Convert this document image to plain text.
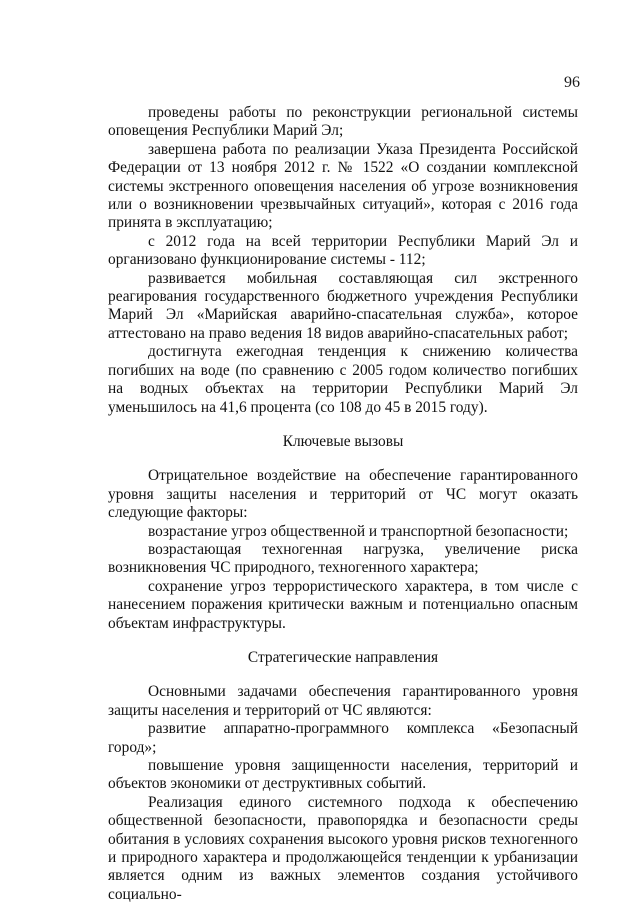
96

проведены работы по реконструкции региональной системы оповещения Республики Марий Эл;

завершена работа по реализации Указа Президента Российской Федерации от 13 ноября 2012 г. № 1522 «О создании комплексной системы экстренного оповещения населения об угрозе возникновения или о возникновении чрезвычайных ситуаций», которая с 2016 года принята в эксплуатацию;

с 2012 года на всей территории Республики Марий Эл и организовано функционирование системы - 112;

развивается мобильная составляющая сил экстренного реагирования государственного бюджетного учреждения Республики Марий Эл «Марийская аварийно-спасательная служба», которое аттестовано на право ведения 18 видов аварийно-спасательных работ;

достигнута ежегодная тенденция к снижению количества погибших на воде (по сравнению с 2005 годом количество погибших на водных объектах на территории Республики Марий Эл уменьшилось на 41,6 процента (со 108 до 45 в 2015 году).

Ключевые вызовы

Отрицательное воздействие на обеспечение гарантированного уровня защиты населения и территорий от ЧС могут оказать следующие факторы:

возрастание угроз общественной и транспортной безопасности;

возрастающая техногенная нагрузка, увеличение риска возникновения ЧС природного, техногенного характера;

сохранение угроз террористического характера, в том числе с нанесением поражения критически важным и потенциально опасным объектам инфраструктуры.

Стратегические направления

Основными задачами обеспечения гарантированного уровня защиты населения и территорий от ЧС являются:

развитие аппаратно-программного комплекса «Безопасный город»;

повышение уровня защищенности населения, территорий и объектов экономики от деструктивных событий.

Реализация единого системного подхода к обеспечению общественной безопасности, правопорядка и безопасности среды обитания в условиях сохранения высокого уровня рисков техногенного и природного характера и продолжающейся тенденции к урбанизации является одним из важных элементов создания устойчивого социально-
